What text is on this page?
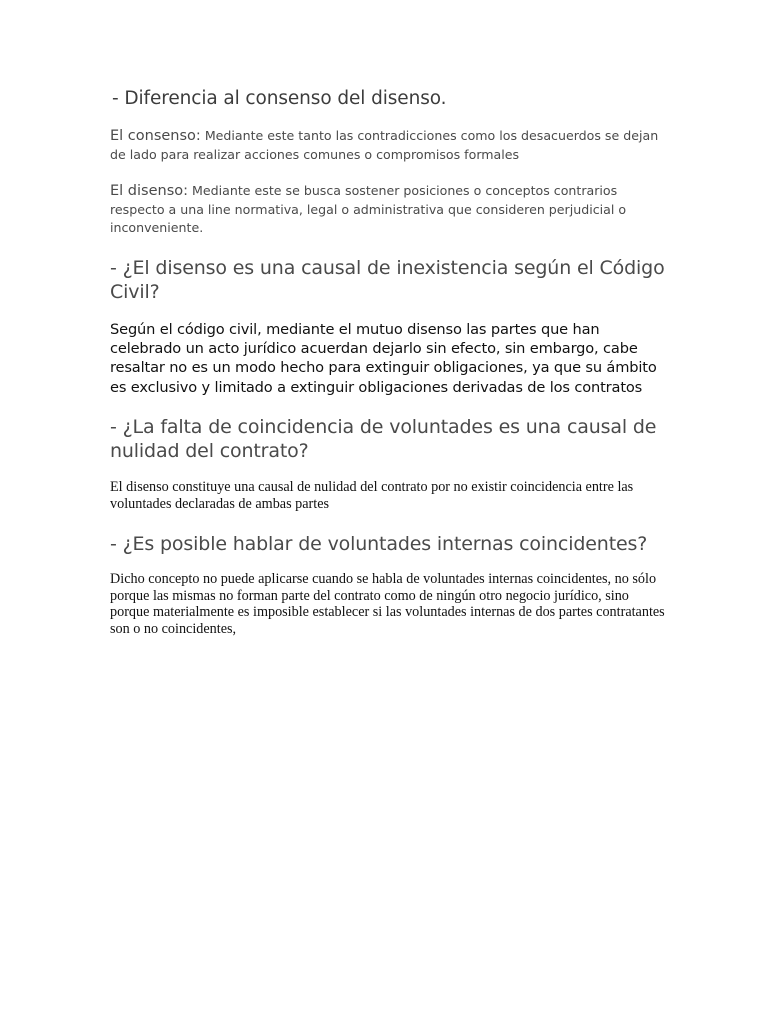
- Diferencia al consenso del disenso.

El consenso: Mediante este tanto las contradicciones como los desacuerdos se dejan de lado para realizar acciones comunes o compromisos formales

El disenso: Mediante este se busca sostener posiciones o conceptos contrarios respecto a una line normativa, legal o administrativa que consideren perjudicial o inconveniente.

- ¿El disenso es una causal de inexistencia según el Código Civil?
Según el código civil, mediante el mutuo disenso las partes que han celebrado un acto jurídico acuerdan dejarlo sin efecto, sin embargo, cabe resaltar no es un modo hecho para extinguir obligaciones, ya que su ámbito es exclusivo y limitado a extinguir obligaciones derivadas de los contratos
- ¿La falta de coincidencia de voluntades es una causal de nulidad del contrato?
El disenso constituye una causal de nulidad del contrato por no existir coincidencia entre las voluntades declaradas de ambas partes
- ¿Es posible hablar de voluntades internas coincidentes?
Dicho concepto no puede aplicarse cuando se habla de voluntades internas coincidentes, no sólo porque las mismas no forman parte del contrato como de ningún otro negocio jurídico, sino porque materialmente es imposible establecer si las voluntades internas de dos partes contratantes son o no coincidentes,
